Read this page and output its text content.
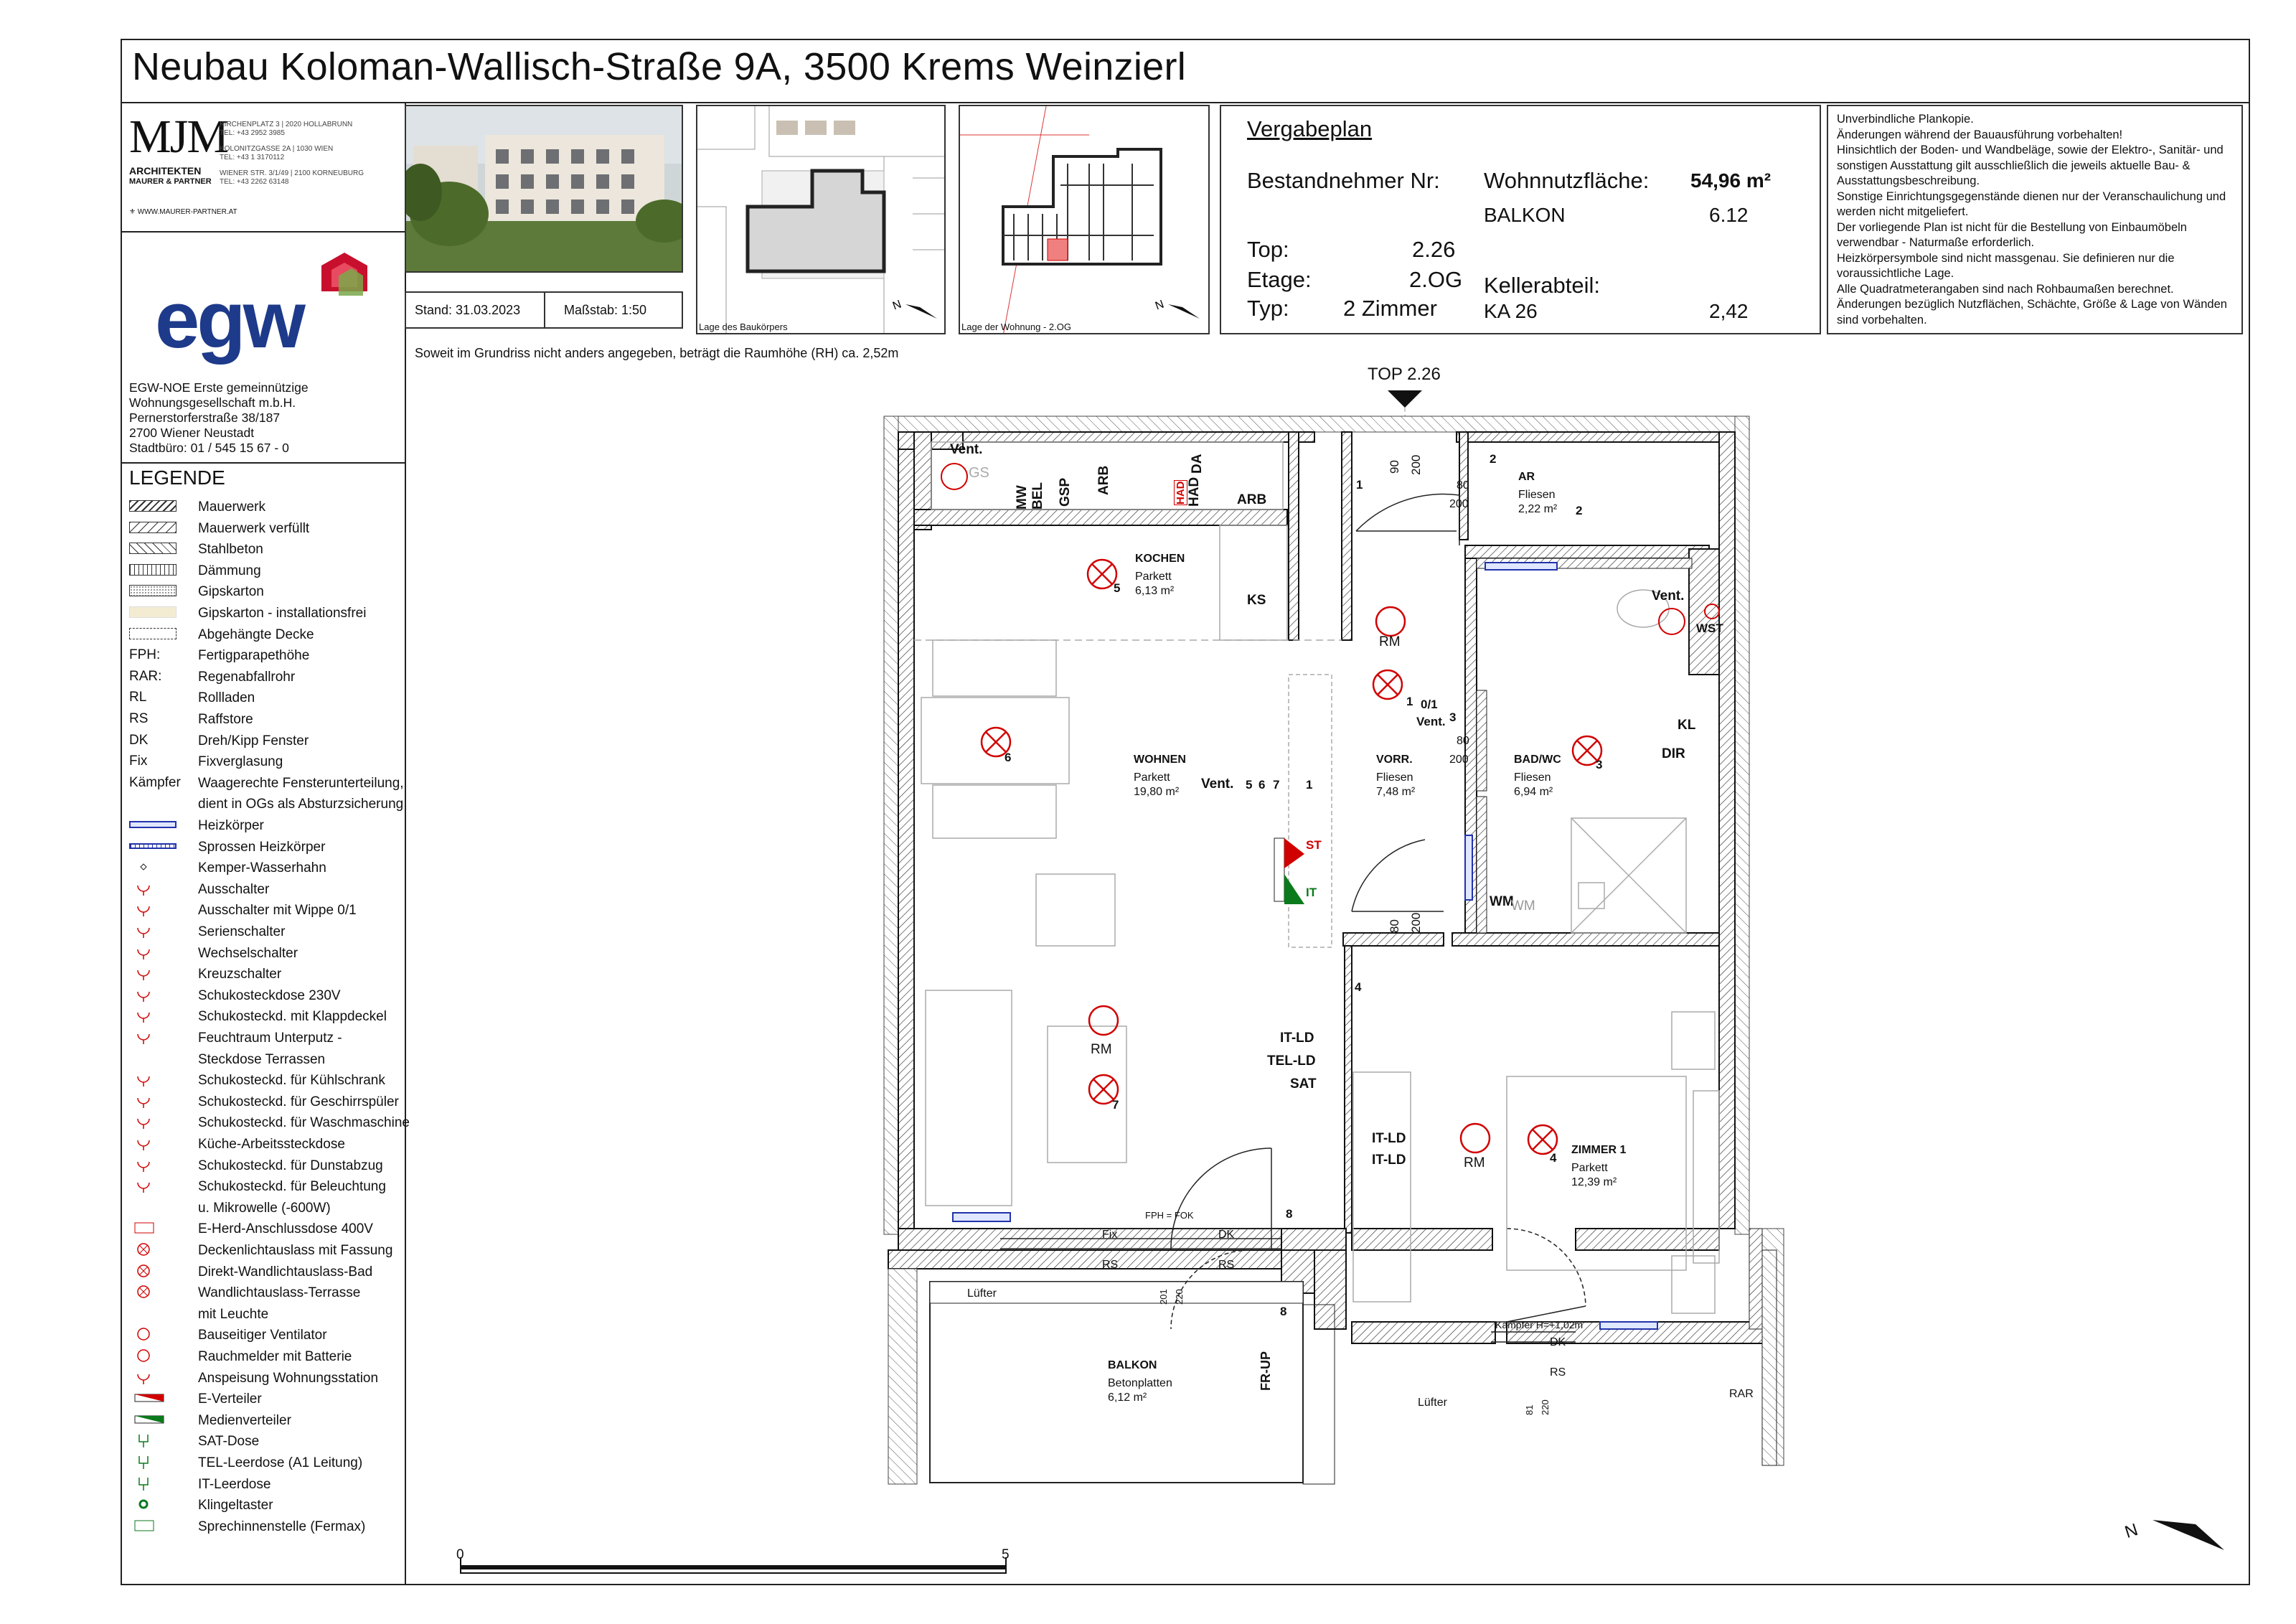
Neubau Koloman-Wallisch-Straße 9A, 3500 Krems Weinzierl
MJM
ARCHITEKTEN
MAURER & PARTNER
KIRCHENPLATZ 3 | 2020 HOLLABRUNN
TEL: +43 2952 3985
KOLONITZGASSE 2A | 1030 WIEN
TEL: +43 1 3170112
WIENER STR. 3/1/49 | 2100 KORNEUBURG
TEL: +43 2262 63148
⚜ WWW.MAURER-PARTNER.AT
egw
EGW-NOE Erste gemeinnützige
Wohnungsgesellschaft m.b.H.
Pernerstorferstraße 38/187
2700 Wiener Neustadt
Stadtbüro: 01 / 545 15 67 - 0
LEGENDE
Mauerwerk
Mauerwerk verfüllt
Stahlbeton
Dämmung
Gipskarton
Gipskarton - installationsfrei
Abgehängte Decke
FPH:	Fertigparapethöhe
RAR:	Regenabfallrohr
RL	Rollladen
RS	Raffstore
DK	Dreh/Kipp Fenster
Fix	Fixverglasung
Kämpfer Waagerechte Fensterunterteilung,
dient in OGs als Absturzsicherung
Heizkörper
Sprossen Heizkörper
Kemper-Wasserhahn
Ausschalter
Ausschalter mit Wippe 0/1
Serienschalter
Wechselschalter
Kreuzschalter
Schukosteckdose 230V
Schukosteckd. mit Klappdeckel
Feuchtraum Unterputz -
Steckdose Terrassen
Schukosteckd. für Kühlschrank
Schukosteckd. für Geschirrspüler
Schukosteckd. für Waschmaschine
Küche-Arbeitssteckdose
Schukosteckd. für Dunstabzug
Schukosteckd. für Beleuchtung
u. Mikrowelle (-600W)
E-Herd-Anschlussdose 400V
Deckenlichtauslass mit Fassung
Direkt-Wandlichtauslass-Bad
Wandlichtauslass-Terrasse
mit Leuchte
Bauseitiger Ventilator
Rauchmelder mit Batterie
Anspeisung Wohnungsstation
E-Verteiler
Medienverteiler
SAT-Dose
TEL-Leerdose (A1 Leitung)
IT-Leerdose
Klingeltaster
Sprechinnenstelle (Fermax)
Stand: 31.03.2023	Maßstab: 1:50
Lage des Baukörpers
N
Lage der Wohnung - 2.OG
N
Vergabeplan
Bestandnehmer Nr: Wohnnutzfläche: 54,96 m²
BALKON	6.12
Top:	2.26
Etage:	2.OG
Typ: 2 Zimmer
Kellerabteil:
KA 26	2,42
Unverbindliche Plankopie.
Änderungen während der Bauausführung vorbehalten!
Hinsichtlich der Boden- und Wandbeläge, sowie der Elektro-, Sanitär- und sonstigen Ausstattung gilt ausschließlich die jeweils aktuelle Bau- & Ausstattungsbeschreibung.
Sonstige Einrichtungsgegenstände dienen nur der Veranschaulichung und werden nicht mitgeliefert.
Der vorliegende Plan ist nicht für die Bestellung von Einbaumöbeln verwendbar - Naturmaße erforderlich.
Heizkörpersymbole sind nicht massgenau. Sie definieren nur die voraussichtliche Lage.
Alle Quadratmeterangaben sind nach Rohbaumaßen berechnet.
Änderungen bezüglich Nutzflächen, Schächte, Größe & Lage von Wänden sind vorbehalten.
Soweit im Grundriss nicht anders angegeben, beträgt die Raumhöhe (RH) ca. 2,52m
TOP 2.26
0	5
N
KOCHEN
Parkett
6,13 m²
WOHNEN
Parkett
19,80 m²
VORR.
Fliesen
7,48 m²
AR
Fliesen
2,22 m²
BAD/WC
Fliesen
6,94 m²
ZIMMER 1
Parkett
12,39 m²
BALKON
Betonplatten
6,12 m²
Vent.
GS
MW BEL GSP ARB	HAD HAD
DA
ARB
KS
RM
RM
RM
Vent.
WST
KL
DIR
WM
WM
0/1
Vent.
Vent.
ST
IT
IT-LD
TEL-LD
SAT
IT-LD
IT-LD
FR-UP
Fix	DK
RS	RS
FPH = FOK
Lüfter
Lüfter
Kämpfer H=+1,02m
DK
RS
RAR
90 200
80
200
80
200
80 200
201 220
81 220
1
2
2
1
3
3
5
6
7
4
4
5 6 7 1
8
8
